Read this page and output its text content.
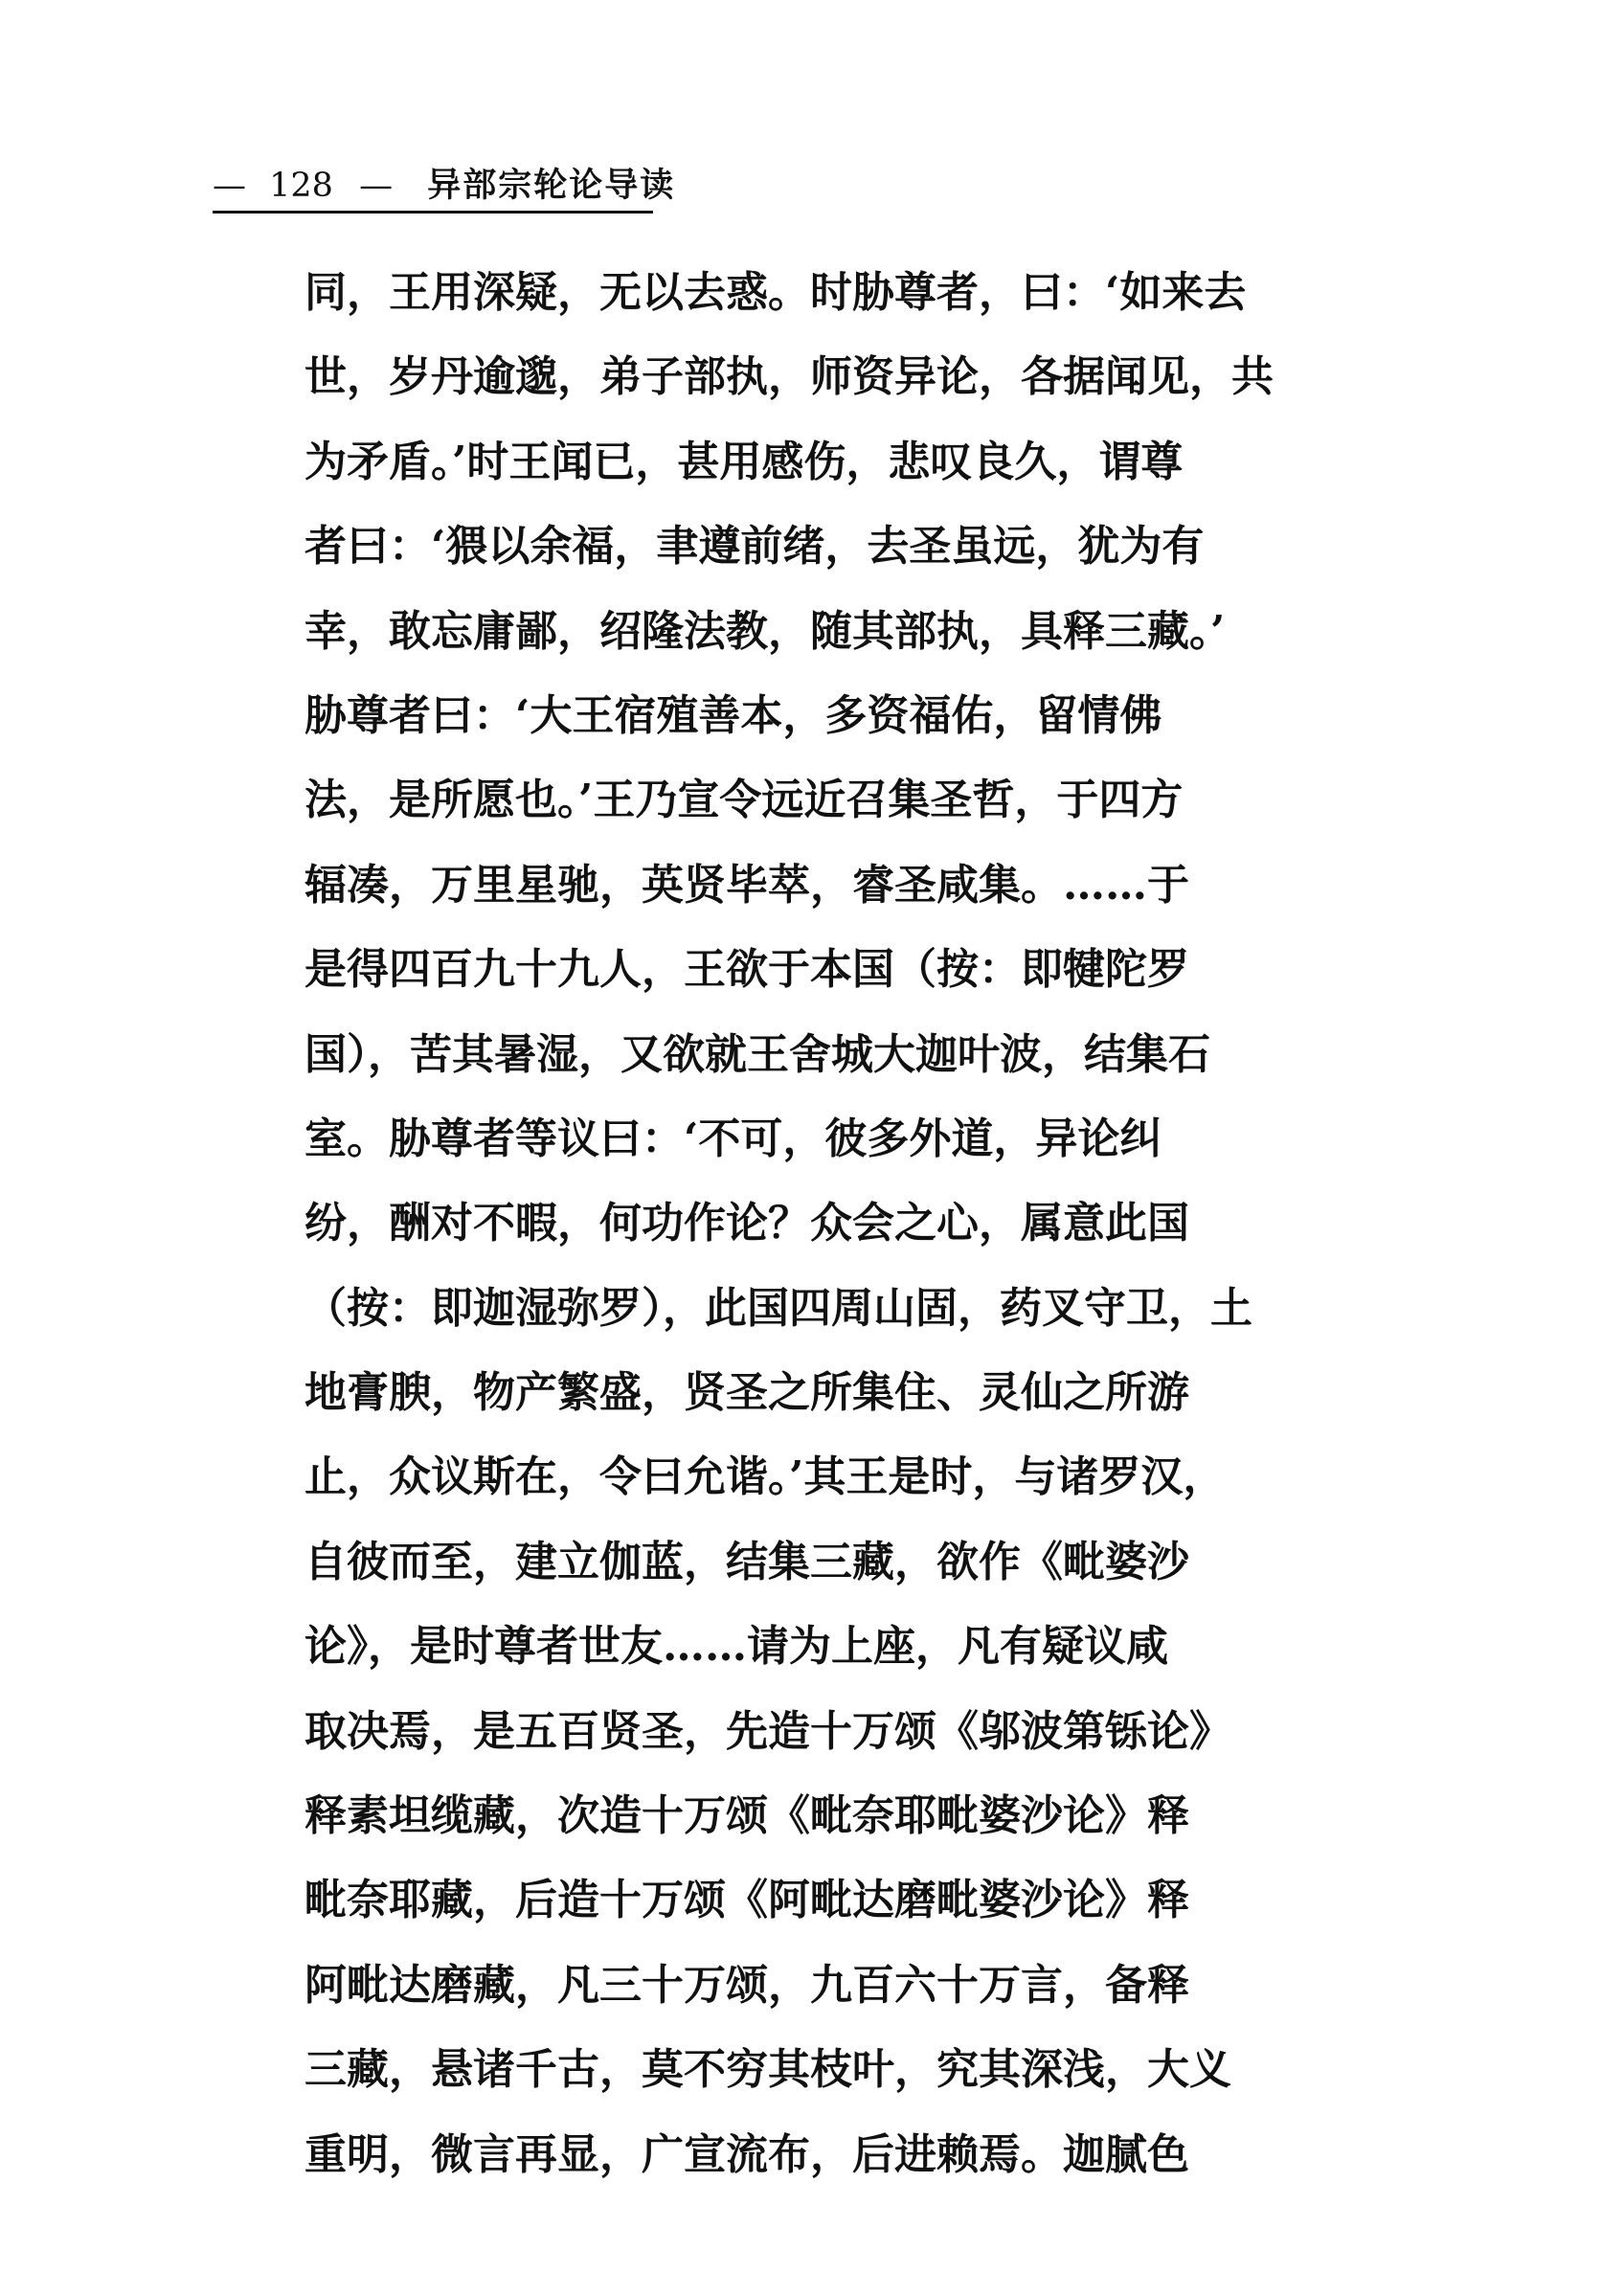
— 128 — 异部宗轮论导读
同，王用深疑，无以去惑。时胁尊者，曰：‘如来去
世，岁丹逾邈，弟子部执，师资异论，各据闻见，共
为矛盾。’时王闻已，甚用感伤，悲叹良久，谓尊
者曰：‘猥以余福，聿遵前绪，去圣虽远，犹为有
幸，敢忘庸鄙，绍隆法教，随其部执，具释三藏。’
胁尊者曰：‘大王宿殖善本，多资福佑，留情佛
法，是所愿也。’王乃宣令远近召集圣哲，于四方
辐凑，万里星驰，英贤毕萃，睿圣咸集。……于
是得四百九十九人，王欲于本国（按：即犍陀罗
国），苦其暑湿，又欲就王舍城大迦叶波，结集石
室。胁尊者等议曰：‘不可，彼多外道，异论纠
纷，酬对不暇，何功作论？众会之心，属意此国
（按：即迦湿弥罗），此国四周山固，药叉守卫，土
地膏腴，物产繁盛，贤圣之所集住、灵仙之所游
止，众议斯在，令曰允谐。’其王是时，与诸罗汉，
自彼而至，建立伽蓝，结集三藏，欲作《毗婆沙
论》，是时尊者世友……请为上座，凡有疑议咸
取决焉，是五百贤圣，先造十万颂《邬波第铄论》
释素坦缆藏，次造十万颂《毗奈耶毗婆沙论》释
毗奈耶藏，后造十万颂《阿毗达磨毗婆沙论》释
阿毗达磨藏，凡三十万颂，九百六十万言，备释
三藏，悬诸千古，莫不穷其枝叶，究其深浅，大义
重明，微言再显，广宣流布，后进赖焉。迦腻色
